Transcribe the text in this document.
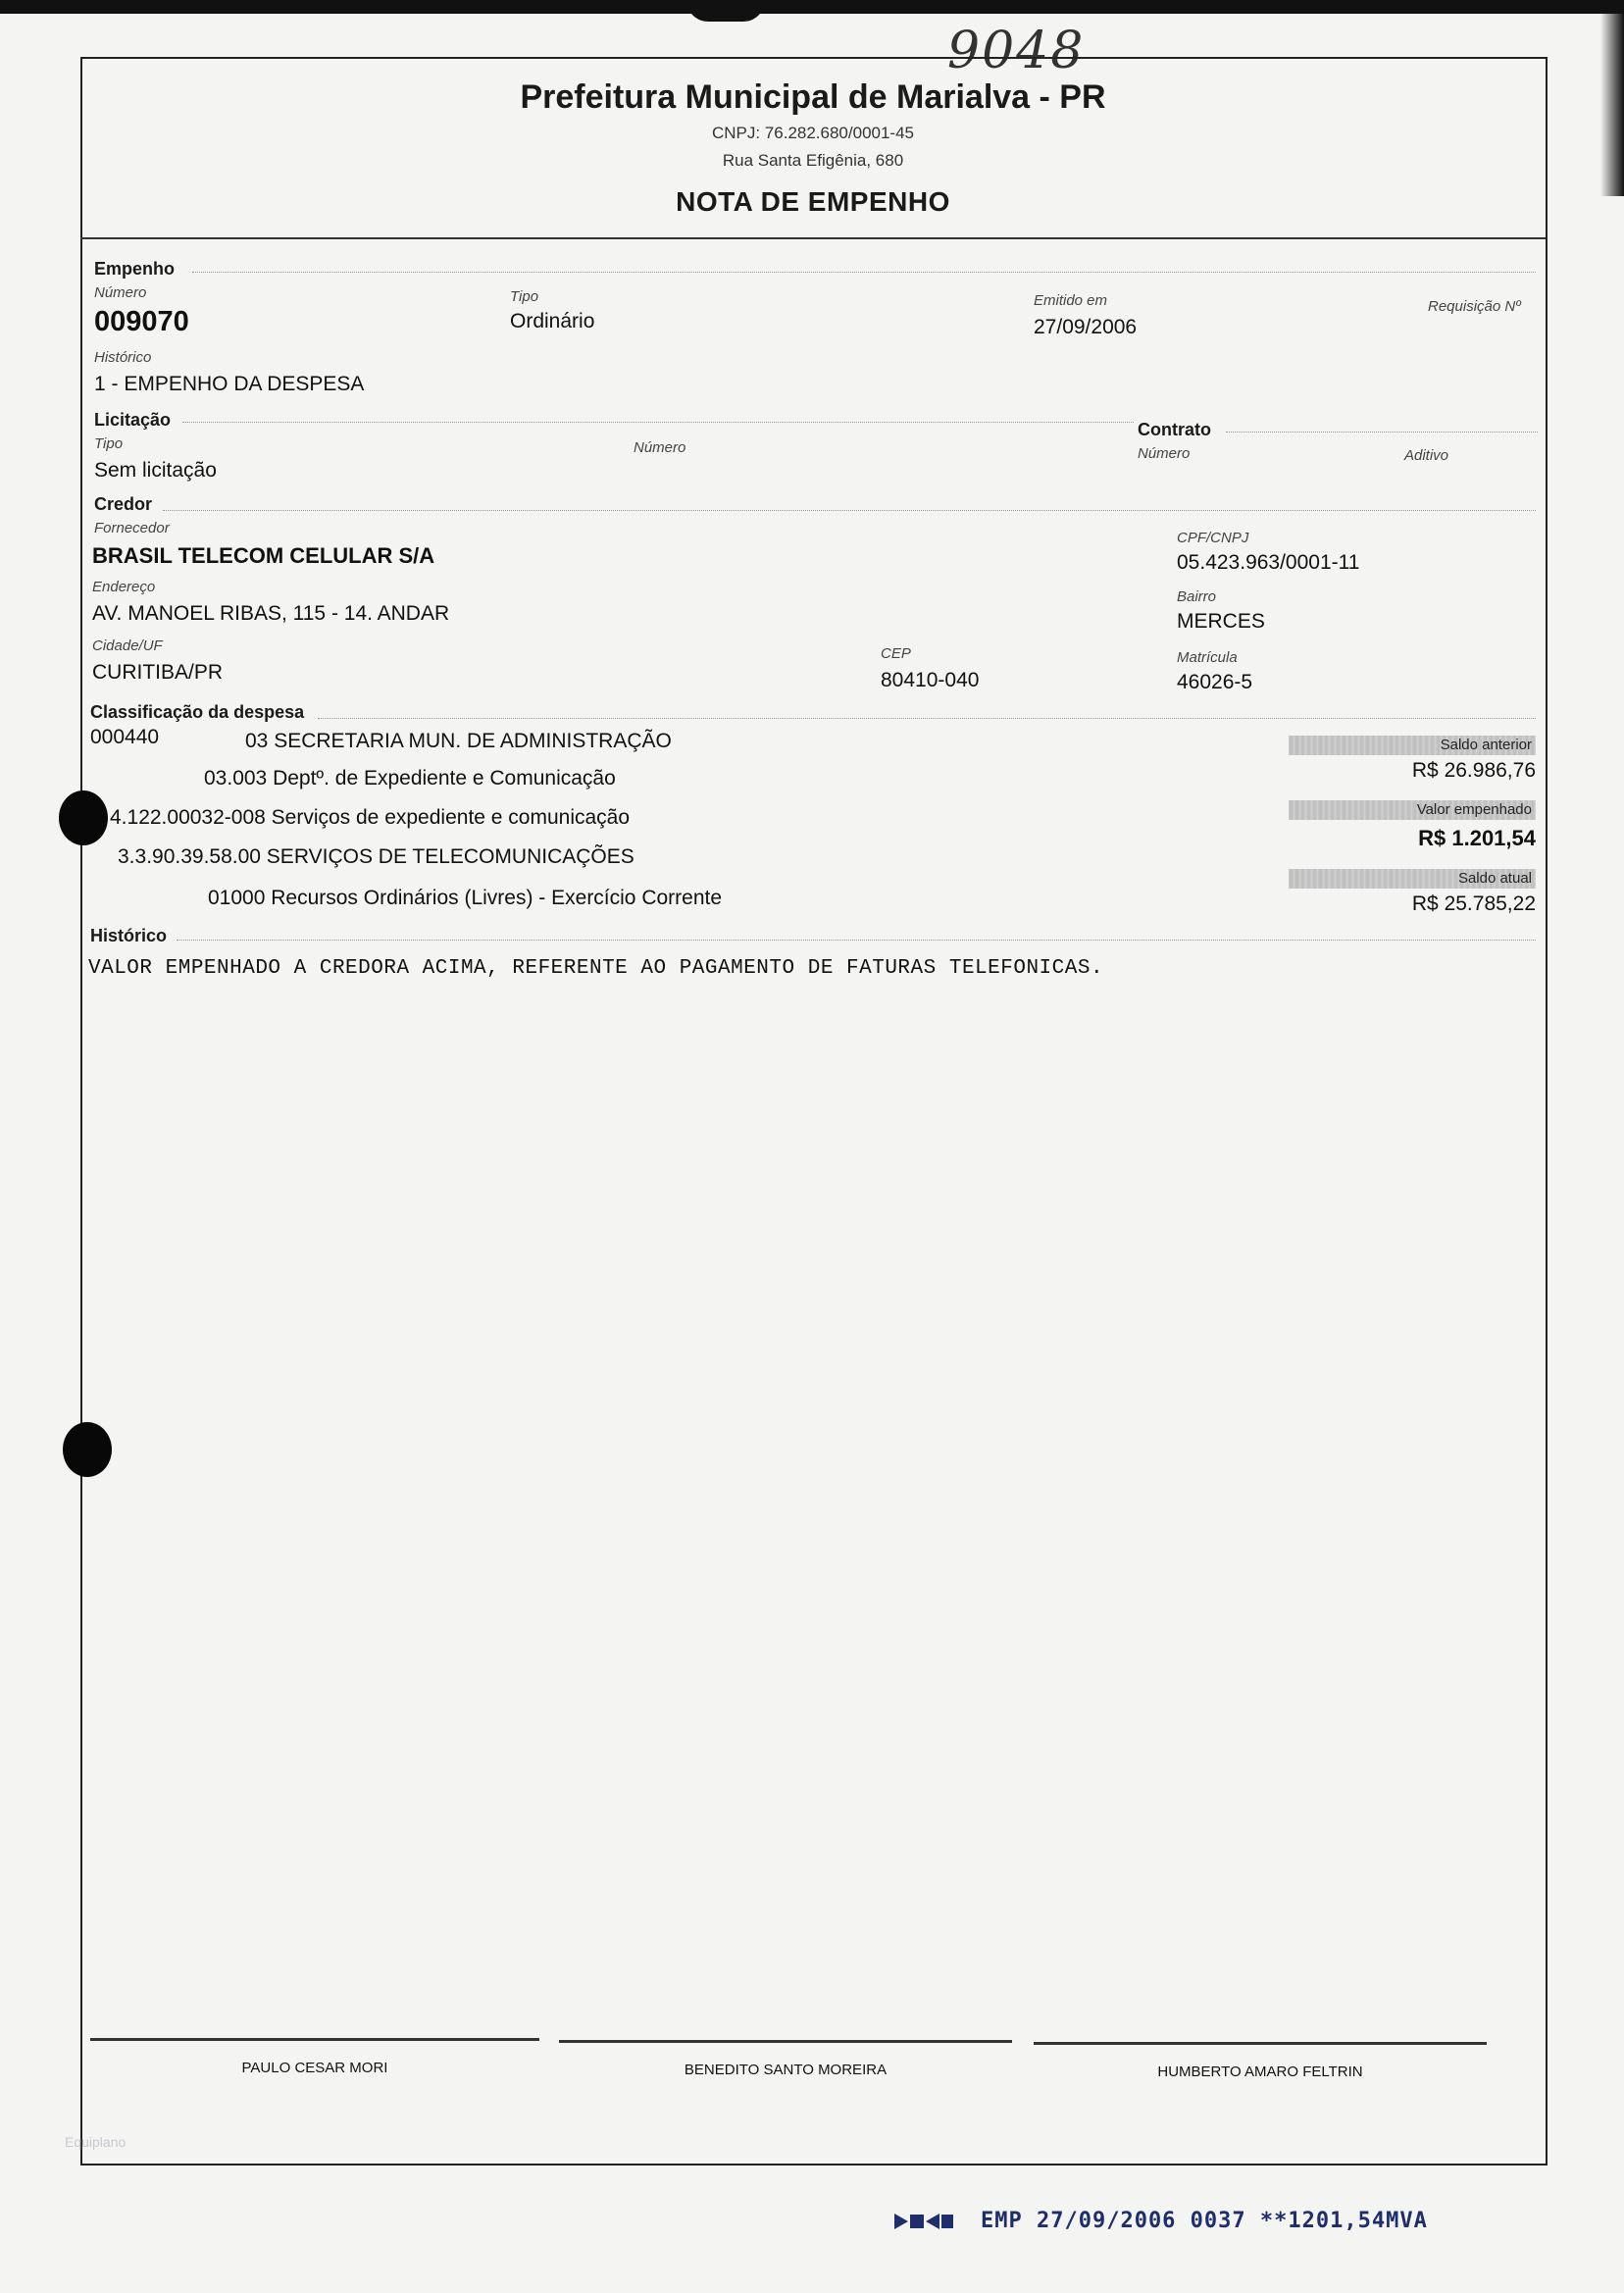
9048
Prefeitura Municipal de Marialva - PR
CNPJ: 76.282.680/0001-45
Rua Santa Efigênia, 680
NOTA DE EMPENHO
Empenho
Número
009070
Tipo
Ordinário
Emitido em
27/09/2006
Requisição Nº
Histórico
1 - EMPENHO DA DESPESA
Licitação
Tipo
Sem licitação
Número
Contrato
Número	Aditivo
Credor
Fornecedor
BRASIL TELECOM CELULAR S/A
CPF/CNPJ
05.423.963/0001-11
Endereço
AV. MANOEL RIBAS, 115 - 14. ANDAR
Bairro
MERCES
Cidade/UF
CURITIBA/PR
CEP
80410-040
Matrícula
46026-5
Classificação da despesa
000440	03 SECRETARIA MUN. DE ADMINISTRAÇÃO
03.003 Deptº. de Expediente e Comunicação
4.122.00032-008 Serviços de expediente e comunicação
3.3.90.39.58.00 SERVIÇOS DE TELECOMUNICAÇÕES
01000 Recursos Ordinários (Livres) - Exercício Corrente
Saldo anterior
R$ 26.986,76
Valor empenhado
R$ 1.201,54
Saldo atual
R$ 25.785,22
Histórico
VALOR EMPENHADO A CREDORA ACIMA, REFERENTE AO PAGAMENTO DE FATURAS TELEFONICAS.
PAULO CESAR MORI	BENEDITO SANTO MOREIRA	HUMBERTO AMARO FELTRIN
Equiplano
EMP 27/09/2006 0037 **1201,54MVA
